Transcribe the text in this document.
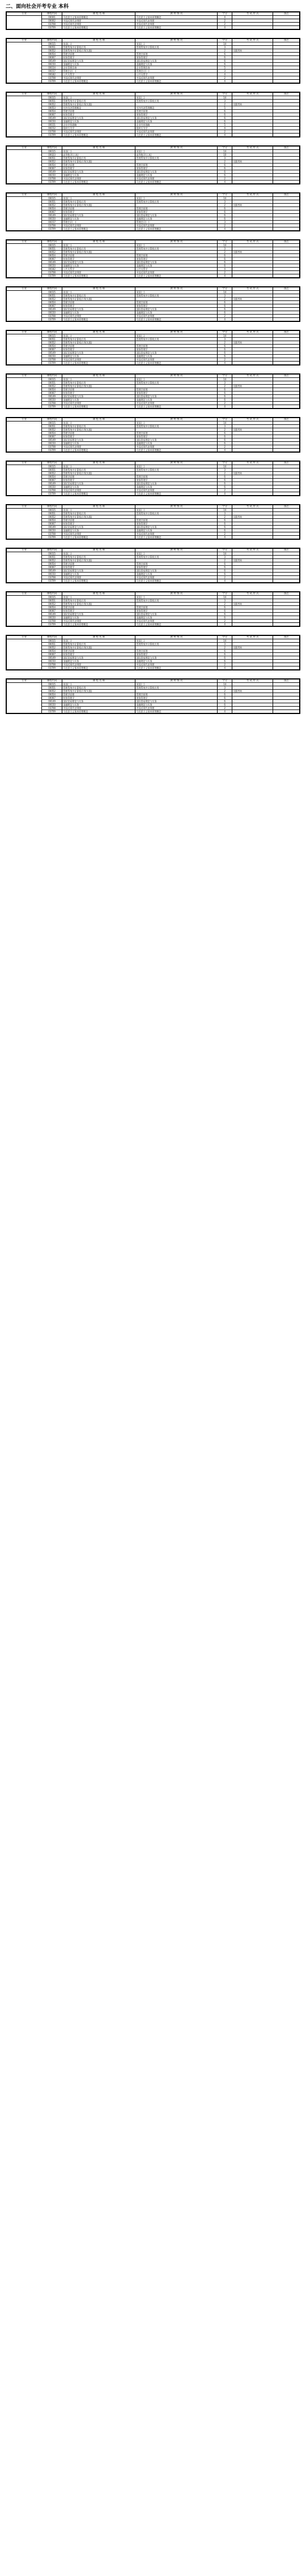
二、面向社会开考专业 本科
专业	课程代码	课 程 名 称	教 材 情 况	学分	考 试 形 式	备注

	00001	马克思主义基本原理概论	马克思主义基本原理概论	4		
	00002	中国近现代史纲要	中国近现代史纲要	2		
	03708	中国近现代史纲要	中国近现代史纲要	2		
	03709	马克思主义基本原理概论	马克思主义基本原理概论	4		
专业	课程代码	课 程 名 称	教 材 情 况	学分	考 试 形 式	备注

	00015	英语(二)	英语(二)	14		
	00051	管理系统中计算机应用	管理系统中计算机应用	3		
	00052	管理系统中计算机应用(实践)		2	实践考核	
	00054	管理学原理	管理学原理	6		
	00067	财务管理学	财务管理学	6		
	00149	国际贸易理论与实务	国际贸易理论与实务	6		
	00150	金融理论与实务	金融理论与实务	6		
	00154	企业管理咨询	企业管理咨询	5		
	00157	管理会计(一)	管理会计(一)	3		
	00182	公共关系学	公共关系学	4		
	03708	中国近现代史纲要	中国近现代史纲要	2		
	03709	马克思主义基本原理概论	马克思主义基本原理概论	4		
专业	课程代码	课 程 名 称	教 材 情 况	学分	考 试 形 式	备注

	00015	英语(二)	英语(二)	14		
	00051	管理系统中计算机应用	管理系统中计算机应用	3		
	00052	管理系统中计算机应用(实践)		2	实践考核	
	00053	对外经济管理概论	对外经济管理概论	5		
	00054	管理学原理	管理学原理	6		
	00067	财务管理学	财务管理学	6		
	00149	国际贸易理论与实务	国际贸易理论与实务	6		
	00150	金融理论与实务	金融理论与实务	6		
	00151	企业经营战略	企业经营战略	5		
	00152	组织行为学	组织行为学	4		
	03708	中国近现代史纲要	中国近现代史纲要	2		
	03709	马克思主义基本原理概论	马克思主义基本原理概论	4		
专业	课程代码	课 程 名 称	教 材 情 况	学分	考 试 形 式	备注

	00015	英语(二)	英语(二)	14		
	00023	高等数学(工本)	高等数学(工本)	10		
	00051	管理系统中计算机应用	管理系统中计算机应用	3		
	00052	管理系统中计算机应用(实践)		2	实践考核	
	00054	管理学原理	管理学原理	6		
	00067	财务管理学	财务管理学	6		
	00149	国际贸易理论与实务	国际贸易理论与实务	6		
	00150	金融理论与实务	金融理论与实务	6		
	03708	中国近现代史纲要	中国近现代史纲要	2		
	03709	马克思主义基本原理概论	马克思主义基本原理概论	4		
专业	课程代码	课 程 名 称	教 材 情 况	学分	考 试 形 式	备注

	00015	英语(二)	英语(二)	14		
	00051	管理系统中计算机应用	管理系统中计算机应用	3		
	00052	管理系统中计算机应用(实践)		2	实践考核	
	00054	管理学原理	管理学原理	6		
	00067	财务管理学	财务管理学	6		
	00149	国际贸易理论与实务	国际贸易理论与实务	6		
	00150	金融理论与实务	金融理论与实务	6		
	00157	管理会计(一)	管理会计(一)	3		
	03708	中国近现代史纲要	中国近现代史纲要	2		
	03709	马克思主义基本原理概论	马克思主义基本原理概论	4		
专业	课程代码	课 程 名 称	教 材 情 况	学分	考 试 形 式	备注

	00015	英语(二)	英语(二)	14		
	00051	管理系统中计算机应用	管理系统中计算机应用	3		
	00052	管理系统中计算机应用(实践)		2	实践考核	
	00054	管理学原理	管理学原理	6		
	00067	财务管理学	财务管理学	6		
	00149	国际贸易理论与实务	国际贸易理论与实务	6		
	00150	金融理论与实务	金融理论与实务	6		
	00182	公共关系学	公共关系学	4		
	03708	中国近现代史纲要	中国近现代史纲要	2		
	03709	马克思主义基本原理概论	马克思主义基本原理概论	4		
专业	课程代码	课 程 名 称	教 材 情 况	学分	考 试 形 式	备注

	00015	英语(二)	英语(二)	14		
	00051	管理系统中计算机应用	管理系统中计算机应用	3		
	00052	管理系统中计算机应用(实践)		2	实践考核	
	00054	管理学原理	管理学原理	6		
	00067	财务管理学	财务管理学	6		
	00149	国际贸易理论与实务	国际贸易理论与实务	6		
	00150	金融理论与实务	金融理论与实务	6		
	03708	中国近现代史纲要	中国近现代史纲要	2		
	03709	马克思主义基本原理概论	马克思主义基本原理概论	4		
专业	课程代码	课 程 名 称	教 材 情 况	学分	考 试 形 式	备注

	00015	英语(二)	英语(二)	14		
	00051	管理系统中计算机应用	管理系统中计算机应用	3		
	00052	管理系统中计算机应用(实践)		2	实践考核	
	00054	管理学原理	管理学原理	6		
	00067	财务管理学	财务管理学	6		
	00149	国际贸易理论与实务	国际贸易理论与实务	6		
	00150	金融理论与实务	金融理论与实务	6		
	03708	中国近现代史纲要	中国近现代史纲要	2		
	03709	马克思主义基本原理概论	马克思主义基本原理概论	4		
专业	课程代码	课 程 名 称	教 材 情 况	学分	考 试 形 式	备注

	00015	英语(二)	英语(二)	14		
	00051	管理系统中计算机应用	管理系统中计算机应用	3		
	00052	管理系统中计算机应用(实践)		2	实践考核	
	00054	管理学原理	管理学原理	6		
	00067	财务管理学	财务管理学	6		
	00149	国际贸易理论与实务	国际贸易理论与实务	6		
	00150	金融理论与实务	金融理论与实务	6		
	03708	中国近现代史纲要	中国近现代史纲要	2		
	03709	马克思主义基本原理概论	马克思主义基本原理概论	4		
专业	课程代码	课 程 名 称	教 材 情 况	学分	考 试 形 式	备注

	00015	英语(二)	英语(二)	14		
	00051	管理系统中计算机应用	管理系统中计算机应用	3		
	00052	管理系统中计算机应用(实践)		2	实践考核	
	00054	管理学原理	管理学原理	6		
	00067	财务管理学	财务管理学	6		
	00149	国际贸易理论与实务	国际贸易理论与实务	6		
	00150	金融理论与实务	金融理论与实务	6		
	03708	中国近现代史纲要	中国近现代史纲要	2		
	03709	马克思主义基本原理概论	马克思主义基本原理概论	4		
专业	课程代码	课 程 名 称	教 材 情 况	学分	考 试 形 式	备注

	00015	英语(二)	英语(二)	14		
	00051	管理系统中计算机应用	管理系统中计算机应用	3		
	00052	管理系统中计算机应用(实践)		2	实践考核	
	00054	管理学原理	管理学原理	6		
	00067	财务管理学	财务管理学	6		
	00149	国际贸易理论与实务	国际贸易理论与实务	6		
	00150	金融理论与实务	金融理论与实务	6		
	03708	中国近现代史纲要	中国近现代史纲要	2		
	03709	马克思主义基本原理概论	马克思主义基本原理概论	4		
专业	课程代码	课 程 名 称	教 材 情 况	学分	考 试 形 式	备注

	00015	英语(二)	英语(二)	14		
	00051	管理系统中计算机应用	管理系统中计算机应用	3		
	00052	管理系统中计算机应用(实践)		2	实践考核	
	00054	管理学原理	管理学原理	6		
	00067	财务管理学	财务管理学	6		
	00149	国际贸易理论与实务	国际贸易理论与实务	6		
	00150	金融理论与实务	金融理论与实务	6		
	03708	中国近现代史纲要	中国近现代史纲要	2		
	03709	马克思主义基本原理概论	马克思主义基本原理概论	4		
专业	课程代码	课 程 名 称	教 材 情 况	学分	考 试 形 式	备注

	00015	英语(二)	英语(二)	14		
	00051	管理系统中计算机应用	管理系统中计算机应用	3		
	00052	管理系统中计算机应用(实践)		2	实践考核	
	00054	管理学原理	管理学原理	6		
	00067	财务管理学	财务管理学	6		
	00149	国际贸易理论与实务	国际贸易理论与实务	6		
	00150	金融理论与实务	金融理论与实务	6		
	03708	中国近现代史纲要	中国近现代史纲要	2		
	03709	马克思主义基本原理概论	马克思主义基本原理概论	4		
专业	课程代码	课 程 名 称	教 材 情 况	学分	考 试 形 式	备注

	00015	英语(二)	英语(二)	14		
	00051	管理系统中计算机应用	管理系统中计算机应用	3		
	00052	管理系统中计算机应用(实践)		2	实践考核	
	00054	管理学原理	管理学原理	6		
	00067	财务管理学	财务管理学	6		
	00149	国际贸易理论与实务	国际贸易理论与实务	6		
	00150	金融理论与实务	金融理论与实务	6		
	03708	中国近现代史纲要	中国近现代史纲要	2		
	03709	马克思主义基本原理概论	马克思主义基本原理概论	4		
专业	课程代码	课 程 名 称	教 材 情 况	学分	考 试 形 式	备注

	00015	英语(二)	英语(二)	14		
	00051	管理系统中计算机应用	管理系统中计算机应用	3		
	00052	管理系统中计算机应用(实践)		2	实践考核	
	00054	管理学原理	管理学原理	6		
	00067	财务管理学	财务管理学	6		
	00149	国际贸易理论与实务	国际贸易理论与实务	6		
	00150	金融理论与实务	金融理论与实务	6		
	03708	中国近现代史纲要	中国近现代史纲要	2		
	03709	马克思主义基本原理概论	马克思主义基本原理概论	4		
专业	课程代码	课 程 名 称	教 材 情 况	学分	考 试 形 式	备注

	00015	英语(二)	英语(二)	14		
	00051	管理系统中计算机应用	管理系统中计算机应用	3		
	00052	管理系统中计算机应用(实践)		2	实践考核	
	00054	管理学原理	管理学原理	6		
	00067	财务管理学	财务管理学	6		
	00149	国际贸易理论与实务	国际贸易理论与实务	6		
	00150	金融理论与实务	金融理论与实务	6		
	03708	中国近现代史纲要	中国近现代史纲要	2		
	03709	马克思主义基本原理概论	马克思主义基本原理概论	4		
